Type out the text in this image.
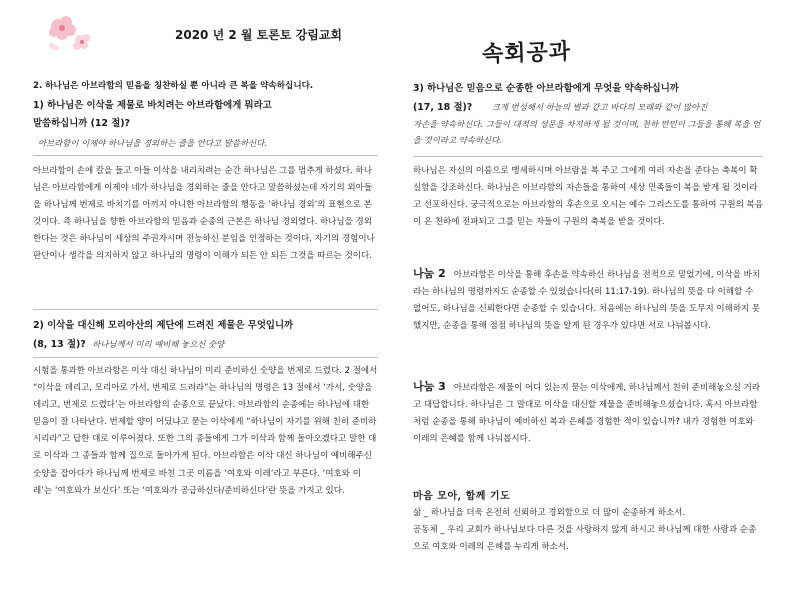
2020 년 2 월 토론토 강림교회
속회공과
2. 하나님은 아브라함의 믿음을 칭찬하실 뿐 아니라 큰 복을 약속하십니다.
1) 하나님은 이삭을 제물로 바치려는 아브라함에게 뭐라고
말씀하십니까 (12 절)?
아브라함이 이제야 하나님을 경외하는 줄을 안다고 말씀하신다.
아브라함이 손에 칼을 들고 아들 이삭을 내리치려는 순간 하나님은 그를 멈추게 하셨다. 하나님은 아브라함에게 이제야 네가 하나님을 경외하는 줄을 안다고 말씀하셨는데 자기의 외아들을 하나님께 번제로 바치기를 아끼지 아니한 아브라함의 행동을 ‘하나님 경외’의 표현으로 본 것이다. 즉 하나님을 향한 아브라함의 믿음과 순종의 근본은 하나님 경외였다. 하나님을 경외한다는 것은 하나님이 세상의 주권자시며 전능하신 분임을 인정하는 것이다. 자기의 경험이나 판단이나 생각을 의지하지 않고 하나님의 명령이 이해가 되든 안 되든 그것을 따르는 것이다.
2) 이삭을 대신해 모리아산의 제단에 드려진 제물은 무엇입니까
(8, 13 절)? 하나님께서 미리 예비해 놓으신 숫양
시험을 통과한 아브라함은 이삭 대신 하나님이 미리 준비하신 숫양을 번제로 드렸다. 2 절에서 “이삭을 데리고, 모리아로 가서, 번제로 드려라”는 하나님의 명령은 13 절에서 ‘가서, 숫양을 데리고, 번제로 드렸다’는 아브라함의 순종으로 끝났다. 아브라함의 순종에는 하나님에 대한 믿음이 잘 나타난다. 번제할 양이 어딨냐고 묻는 이삭에게 “하나님이 자기를 위해 친히 준비하시리라”고 답한 대로 이루어졌다. 또한 그의 종들에게 그가 이삭과 함께 돌아오겠다고 말한 대로 이삭과 그 종들과 함께 집으로 돌아가게 된다. 아브라함은 이삭 대신 하나님이 예비해주신 숫양을 잡아다가 하나님께 번제로 바친 그곳 이름을 ‘여호와 이레’라고 부른다. ‘여호와 이레’는 ‘여호와가 보신다’ 또는 ‘여호와가 공급하신다/준비하신다’란 뜻을 가지고 있다.
3) 하나님은 믿음으로 순종한 아브라함에게 무엇을 약속하십니까
(17, 18 절)? 크게 번성해서 하늘의 별과 같고 바다의 모래와 같이 많아진
자손을 약속하신다. 그들이 대적의 성문을 차지하게 될 것이며, 천하 만민이 그들을 통해 복을 얻을 것이라고 약속하신다.
하나님은 자신의 이름으로 맹세하시며 아브람을 복 주고 그에게 여러 자손을 준다는 축복이 확실함을 강조하신다. 하나님은 아브라함의 자손들을 통하여 세상 민족들이 복을 받게 될 것이라고 선포하신다. 궁극적으로는 아브라함의 후손으로 오시는 예수 그리스도를 통하여 구원의 복음이 온 천하에 전파되고 그를 믿는 자들이 구원의 축복을 받을 것이다.
나눔 2 아브라함은 이삭을 통해 후손을 약속하신 하나님을 전적으로 믿었기에, 이삭을 바치라는 하나님의 명령까지도 순종할 수 있었습니다(히 11:17-19). 하나님의 뜻을 다 이해할 수 없어도, 하나님을 신뢰한다면 순종할 수 있습니다. 처음에는 하나님의 뜻을 도무지 이해하지 못했지만, 순종을 통해 점점 하나님의 뜻을 알게 된 경우가 있다면 서로 나눠봅시다.
나눔 3 아브라함은 제물이 어디 있는지 묻는 이삭에게, 하나님께서 친히 준비해놓으실 거라고 대답합니다. 하나님은 그 말대로 이삭을 대신할 제물을 준비해놓으셨습니다. 혹시 아브라함처럼 순종을 통해 하나님이 예비하신 복과 은혜를 경험한 적이 있습니까? 내가 경험한 여호와 이레의 은혜를 함께 나눠봅시다.
마음 모아, 함께 기도
삶 _ 하나님을 더욱 온전히 신뢰하고 경외함으로 더 많이 순종하게 하소서.
공동체 _ 우리 교회가 하나님보다 다른 것을 사랑하지 않게 하시고 하나님께 대한 사랑과 순종으로 여호와 이레의 은혜를 누리게 하소서.
